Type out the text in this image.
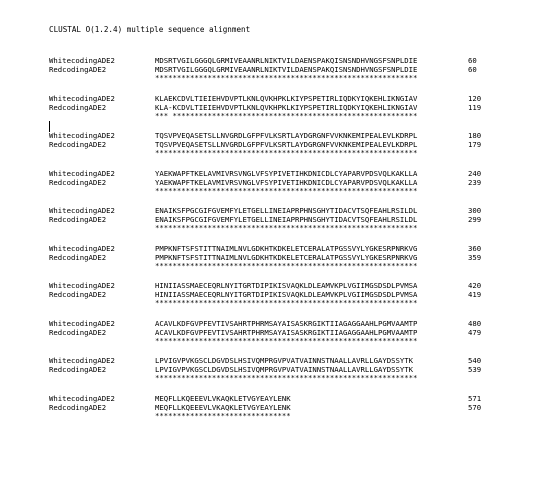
CLUSTAL O(1.2.4) multiple sequence alignment
WhitecodingADE2	MDSRTVGILGGGQLGRMIVEAANRLNIKTVILDAENSPAKQISNSNDHVNGSFSNPLDIE	60
RedcodingADE2	MDSRTVGILGGGQLGRMIVEAANRLNIKTVILDAENSPAKQISNSNDHVNGSFSNPLDIE	60
************************************************************
WhitecodingADE2	KLAEKCDVLTIEIEHVDVPTLKNLQVKHPKLKIYPSPETIRLIQDKYIQKEHLIKNGIAV	120
RedcodingADE2	KLA-KCDVLTIEIEHVDVPTLKNLQVKHPKLKIYPSPETIRLIQDKYIQKEHLIKNGIAV	119
*** ********************************************************
WhitecodingADE2	TQSVPVEQASETSLLNVGRDLGFPFVLKSRTLAYDGRGNFVVKNKEMIPEALEVLKDRPL	180
RedcodingADE2	TQSVPVEQASETSLLNVGRDLGFPFVLKSRTLAYDGRGNFVVKNKEMIPEALEVLKDRPL	179
************************************************************
WhitecodingADE2	YAEKWAPFTKELAVMIVRSVNGLVFSYPIVETIHKDNICDLCYAPARVPDSVQLKAKLLA	240
RedcodingADE2	YAEKWAPFTKELAVMIVRSVNGLVFSYPIVETIHKDNICDLCYAPARVPDSVQLKAKLLA	239
************************************************************
WhitecodingADE2	ENAIKSFPGCGIFGVEMFYLETGELLINEIAPRPHNSGHYTIDACVTSQFEAHLRSILDL	300
RedcodingADE2	ENAIKSFPGCGIFGVEMFYLETGELLINEIAPRPHNSGHYTIDACVTSQFEAHLRSILDL	299
************************************************************
WhitecodingADE2	PMPKNFTSFSTITTNAIMLNVLGDKHTKDKELETCERALATPGSSVYLYGKESRPNRKVG	360
RedcodingADE2	PMPKNFTSFSTITTNAIMLNVLGDKHTKDKELETCERALATPGSSVYLYGKESRPNRKVG	359
************************************************************
WhitecodingADE2	HINIIASSMAECEQRLNYITGRTDIPIKISVAQKLDLEAMVKPLVGIIMGSDSDLPVMSA	420
RedcodingADE2	HINIIASSMAECEQRLNYITGRTDIPIKISVAQKLDLEAMVKPLVGIIMGSDSDLPVMSA	419
************************************************************
WhitecodingADE2	ACAVLKDFGVPFEVTIVSAHRTPHRMSAYAISASKRGIKTIIAGAGGAAHLPGMVAAMTP	480
RedcodingADE2	ACAVLKDFGVPFEVTIVSAHRTPHRMSAYAISASKRGIKTIIAGAGGAAHLPGMVAAMTP	479
************************************************************
WhitecodingADE2	LPVIGVPVKGSCLDGVDSLHSIVQMPRGVPVATVAINNSTNAALLAVRLLGAYDSSYTK	540
RedcodingADE2	LPVIGVPVKGSCLDGVDSLHSIVQMPRGVPVATVAINNSTNAALLAVRLLGAYDSSYTK	539
************************************************************
WhitecodingADE2	MEQFLLKQEEEVLVKAQKLETVGYEAYLENK	571
RedcodingADE2	MEQFLLKQEEEVLVKAQKLETVGYEAYLENK	570
*******************************
